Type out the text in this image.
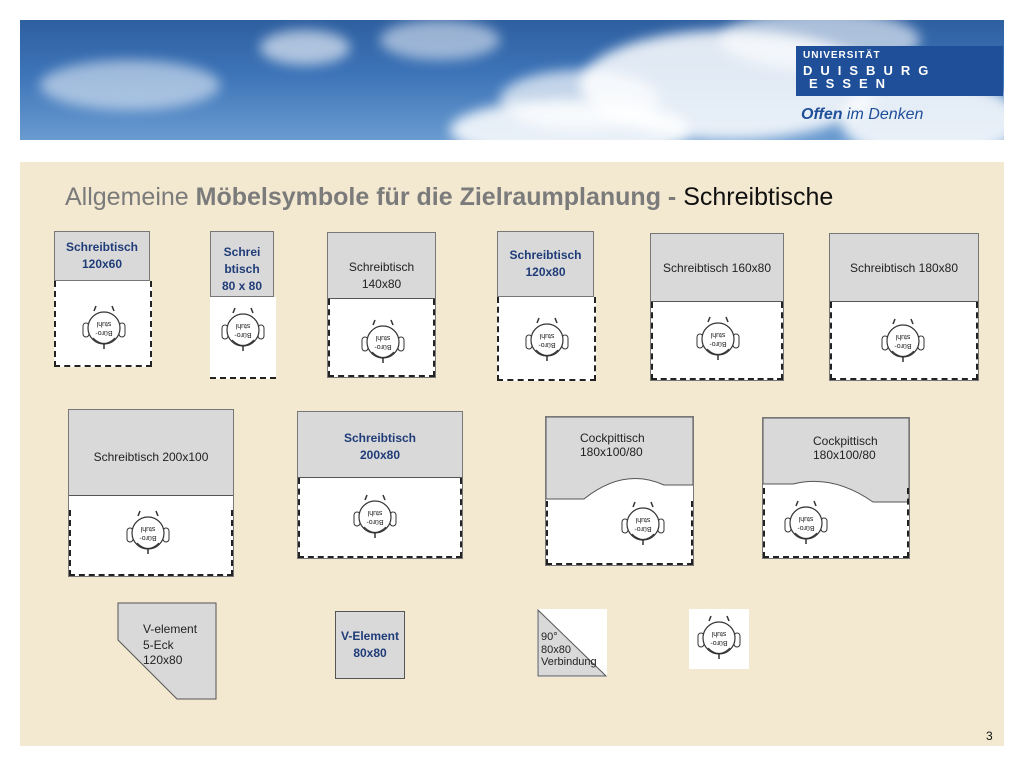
UNIVERSITÄT
DUISBURG
ESSEN
Offen im Denken
Allgemeine Möbelsymbole für die Zielraumplanung - Schreibtische
Schreibtisch 120x60
Büro-
stuhl
Schrei
btisch
80 x 80
Büro-
stuhl
Schreibtisch 140x80
Büro-
stuhl
Schreibtisch 120x80
Büro-
stuhl
Schreibtisch 160x80
Büro-
stuhl
Schreibtisch 180x80
Büro-
stuhl
Schreibtisch 200x100
Büro-
stuhl
Schreibtisch 200x80
Büro-
stuhl
Cockpittisch
180x100/80
Büro-
stuhl
Cockpittisch
180x100/80
Büro-
stuhl
V-element
5-Eck
120x80
V-Element
80x80
90°
80x80
Verbindung
Büro-
stuhl
3
